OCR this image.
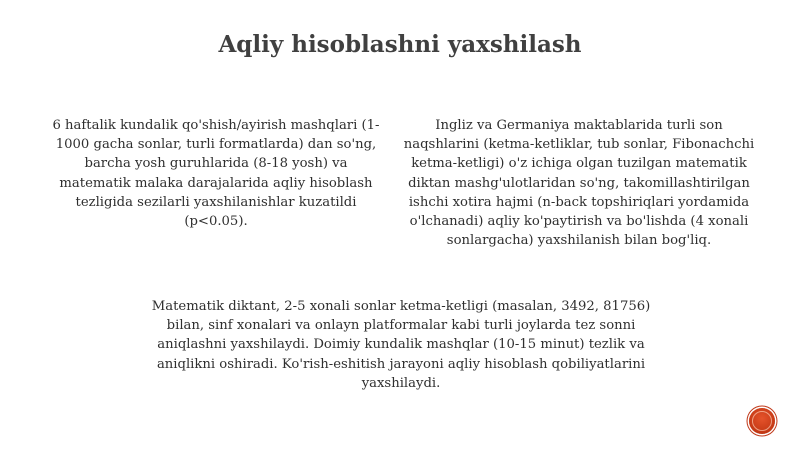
Aqliy hisoblashni yaxshilash
6 haftalik kundalik qo'shish/ayirish mashqlari (1-1000 gacha sonlar, turli formatlarda) dan so'ng, barcha yosh guruhlarida (8-18 yosh) va matematik malaka darajalarida aqliy hisoblash tezligida sezilarli yaxshilanishlar kuzatildi (p<0.05).
Ingliz va Germaniya maktablarida turli son naqshlarini (ketma-ketliklar, tub sonlar, Fibonachchi ketma-ketligi) o'z ichiga olgan tuzilgan matematik diktan mashg'ulotlaridan so'ng, takomillashtirilgan ishchi xotira hajmi (n-back topshiriqlari yordamida o'lchanadi) aqliy ko'paytirish va bo'lishda (4 xonali sonlargacha) yaxshilanish bilan bog'liq.
Matematik diktant, 2-5 xonali sonlar ketma-ketligi (masalan, 3492, 81756) bilan, sinf xonalari va onlayn platformalar kabi turli joylarda tez sonni aniqlashni yaxshilaydi. Doimiy kundalik mashqlar (10-15 minut) tezlik va aniqlikni oshiradi. Ko'rish-eshitish jarayoni aqliy hisoblash qobiliyatlarini yaxshilaydi.
